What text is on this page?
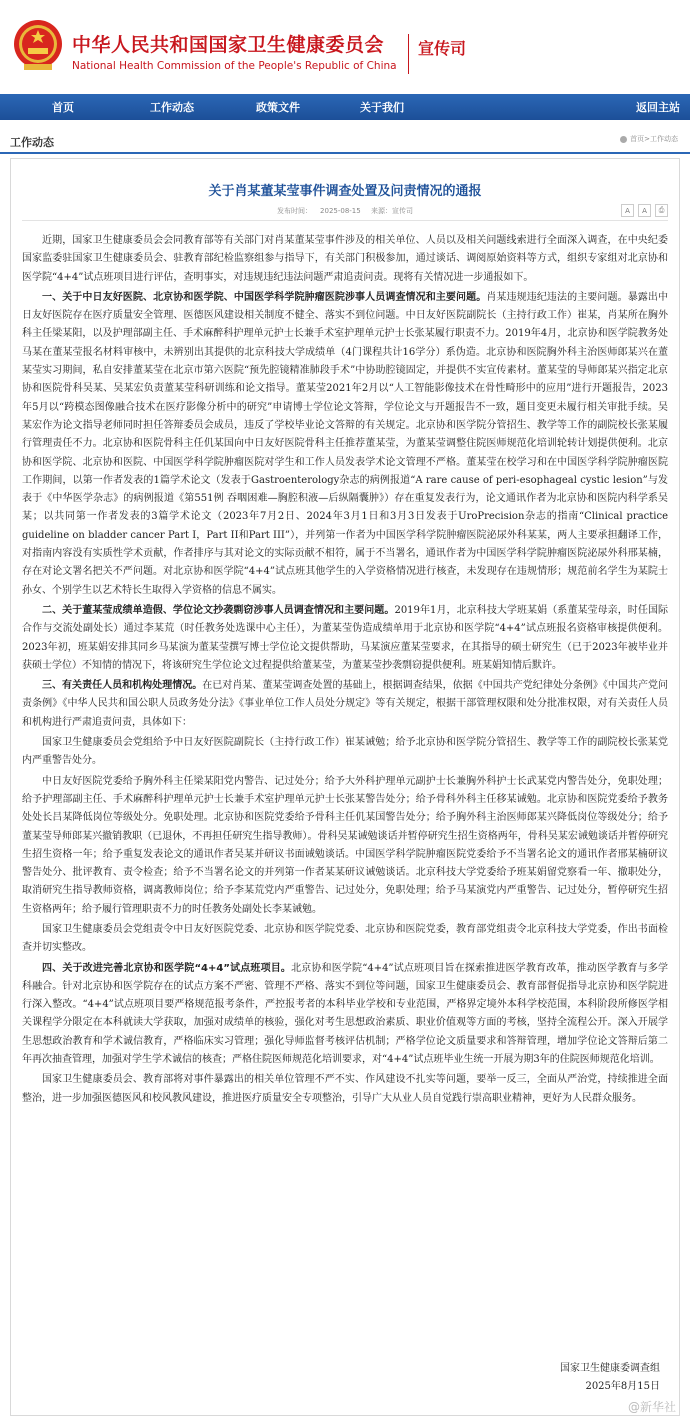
中华人民共和国国家卫生健康委员会
National Health Commission of the People's Republic of China
宣传司
首页	工作动态	政策文件	关于我们	返回主站
工作动态	首页>工作动态
关于肖某董某莹事件调查处置及问责情况的通报
发布时间： 2025-08-15 来源：宣传司	A	A	⎙

近期，国家卫生健康委员会会同教育部等有关部门对肖某董某莹事件涉及的相关单位、人员以及相关问题线索进行全面深入调查，在中央纪委国家监委驻国家卫生健康委员会、驻教育部纪检监察组参与指导下，有关部门积极参加，通过谈话、调阅原始资料等方式，组织专家组对北京协和医学院“4+4”试点班项目进行评估，查明事实，对违规违纪违法问题严肃追责问责。现将有关情况进一步通报如下。

一、关于中日友好医院、北京协和医学院、中国医学科学院肿瘤医院涉事人员调查情况和主要问题。肖某违规违纪违法的主要问题。暴露出中日友好医院存在医疗质量安全管理、医德医风建设相关制度不健全、落实不到位问题。中日友好医院副院长（主持行政工作）崔某，肖某所在胸外科主任梁某阳，以及护理部副主任、手术麻醉科护理单元护士长兼手术室护理单元护士长张某履行职责不力。2019年4月，北京协和医学院教务处马某在董某莹报名材料审核中，未辨别出其提供的北京科技大学成绩单（4门课程共计16学分）系伪造。北京协和医院胸外科主治医师郎某兴在董某莹实习期间，私自安排董某莹在北京市第六医院“预先腔镜精准肺段手术”中协助腔镜固定，并提供不实宣传素材。董某莹的导师郎某兴指定北京协和医院骨科吴某、吴某宏负责董某莹科研训练和论文指导。董某莹2021年2月以“人工智能影像技术在骨性畸形中的应用”进行开题报告，2023年5月以“跨模态图像融合技术在医疗影像分析中的研究”申请博士学位论文答辩，学位论文与开题报告不一致，题目变更未履行相关审批手续。吴某宏作为论文指导老师同时担任答辩委员会成员，违反了学校毕业论文答辩的有关规定。北京协和医学院分管招生、教学等工作的副院校长张某履行管理责任不力。北京协和医院骨科主任仉某国向中日友好医院骨科主任推荐董某莹，为董某莹调整住院医师规范化培训轮转计划提供便利。北京协和医学院、北京协和医院、中国医学科学院肿瘤医院对学生和工作人员发表学术论文管理不严格。董某莹在校学习和在中国医学科学院肿瘤医院工作期间，以第一作者发表的1篇学术论文（发表于Gastroenterology杂志的病例报道“A rare cause of peri-esophageal cystic lesion”与发表于《中华医学杂志》的病例报道《第551例 吞咽困难—胸腔积液—后纵隔囊肿》）存在重复发表行为，论文通讯作者为北京协和医院内科学系吴某；以共同第一作者发表的3篇学术论文（2023年7月2日、2024年3月1日和3月3日发表于UroPrecision杂志的指南“Clinical practice guideline on bladder cancer Part I，Part II和Part III”），并列第一作者为中国医学科学院肿瘤医院泌尿外科某某，两人主要承担翻译工作，对指南内容没有实质性学术贡献，作者排序与其对论文的实际贡献不相符，属于不当署名，通讯作者为中国医学科学院肿瘤医院泌尿外科邢某楠，存在对论文署名把关不严问题。对北京协和医学院“4+4”试点班其他学生的入学资格情况进行核查，未发现存在违规情形；规范前名学生为某院士孙女、个别学生以艺术特长生取得入学资格的信息不属实。

二、关于董某莹成绩单造假、学位论文抄袭剽窃涉事人员调查情况和主要问题。2019年1月，北京科技大学班某娟（系董某莹母亲，时任国际合作与交流处副处长）通过李某荒（时任教务处选课中心主任），为董某莹伪造成绩单用于北京协和医学院“4+4”试点班报名资格审核提供便利。2023年初，班某娟安排其同乡马某演为董某莹撰写博士学位论文提供帮助，马某演应董某莹要求，在其指导的硕士研究生（已于2023年被毕业并获硕士学位）不知情的情况下，将该研究生学位论文过程提供给董某莹，为董某莹抄袭剽窃提供便利。班某娟知情后默许。

三、有关责任人员和机构处理情况。在已对肖某、董某莹调查处置的基础上，根据调查结果，依据《中国共产党纪律处分条例》《中国共产党问责条例》《中华人民共和国公职人员政务处分法》《事业单位工作人员处分规定》等有关规定，根据干部管理权限和处分批准权限，对有关责任人员和机构进行严肃追责问责，具体如下：

国家卫生健康委员会党组给予中日友好医院副院长（主持行政工作）崔某诫勉；给予北京协和医学院分管招生、教学等工作的副院校长张某党内严重警告处分。

中日友好医院党委给予胸外科主任梁某阳党内警告、记过处分；给予大外科护理单元副护士长兼胸外科护士长武某党内警告处分，免职处理；给予护理部副主任、手术麻醉科护理单元护士长兼手术室护理单元护士长张某警告处分；给予骨科外科主任移某诫勉。北京协和医院党委给予教务处处长吕某降低岗位等级处分。免职处理。北京协和医院党委给予骨科主任仉某国警告处分；给予胸外科主治医师郎某兴降低岗位等级处分；给予董某莹导师郎某兴撤销教职（已退休，不再担任研究生指导教师）。骨科吴某诫勉谈话并暂停研究生招生资格两年，骨科吴某宏诫勉谈话并暂停研究生招生资格一年；给予重复发表论文的通讯作者吴某并研议书面诫勉谈话。中国医学科学院肿瘤医院党委给予不当署名论文的通讯作者邢某楠研议警告处分、批评教育、责令检查；给予不当署名论文的并列第一作者某某研议诫勉谈话。北京科技大学党委给予班某娟留党察看一年、撤职处分，取消研究生指导教师资格，调离教师岗位；给予李某荒党内严重警告、记过处分，免职处理；给予马某演党内严重警告、记过处分，暂停研究生招生资格两年；给予履行管理职责不力的时任教务处副处长李某诫勉。

国家卫生健康委员会党组责令中日友好医院党委、北京协和医学院党委、北京协和医院党委，教育部党组责令北京科技大学党委，作出书面检查并切实整改。

四、关于改进完善北京协和医学院“4+4”试点班项目。北京协和医学院“4+4”试点班项目旨在探索推进医学教育改革，推动医学教育与多学科融合。针对北京协和医学院存在的试点方案不严密、管理不严格、落实不到位等问题，国家卫生健康委员会、教育部督促指导北京协和医学院进行深入整改。“4+4”试点班项目要严格规范报考条件，严控报考者的本科毕业学校和专业范围，严格界定境外本科学校范围，本科阶段所修医学相关课程学分限定在本科就读大学获取，加强对成绩单的核验，强化对考生思想政治素质、职业价值观等方面的考核，坚持全流程公开。深入开展学生思想政治教育和学术诚信教育，严格临床实习管理；强化导师监督考核评估机制；严格学位论文质量要求和答辩管理，增加学位论文答辩后第二年再次抽查管理，加强对学生学术诚信的核查；严格住院医师规范化培训要求，对“4+4”试点班毕业生统一开展为期3年的住院医师规范化培训。

国家卫生健康委员会、教育部将对事件暴露出的相关单位管理不严不实、作风建设不扎实等问题，要举一反三，全面从严治党，持续推进全面整治，进一步加强医德医风和校风教风建设，推进医疗质量安全专项整治，引导广大从业人员自觉践行崇高职业精神，更好为人民群众服务。

国家卫生健康委调查组
2025年8月15日
@新华社
